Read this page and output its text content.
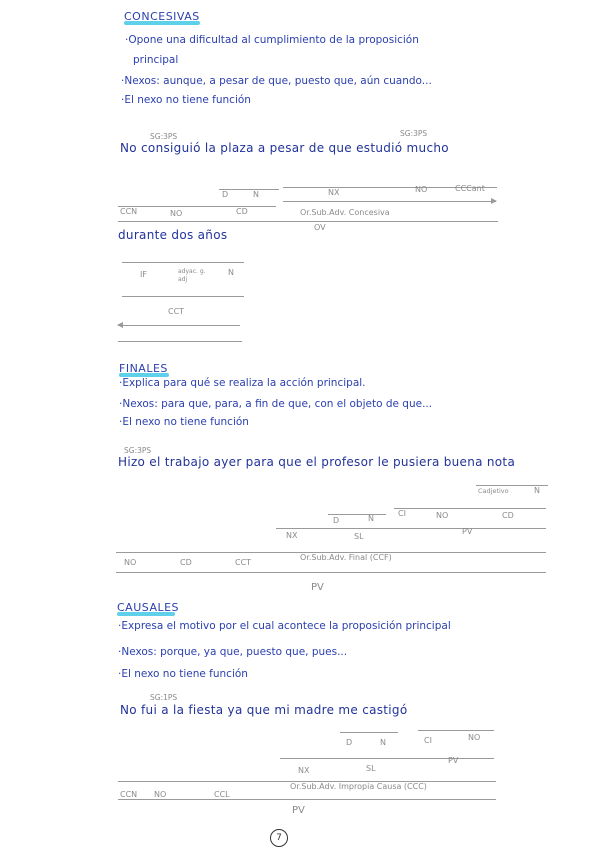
CONCESIVAS
·Opone una dificultad al cumplimiento de la proposición
principal
·Nexos: aunque, a pesar de que, puesto que, aún cuando...
·El nexo no tiene función
SG:3PS	SG:3PS
No consiguió la plaza a pesar de que estudió mucho
D	N	NX	NO	CCCant
CCN	NO	CD	Or.Sub.Adv. Concesiva
OV
durante dos años
IF	adyac. g. adj
N
CCT
FINALES
·Explica para qué se realiza la acción principal.
·Nexos: para que, para, a fin de que, con el objeto de que...
·El nexo no tiene función
SG:3PS
Hizo el trabajo ayer para que el profesor le pusiera buena nota
Cadjetivo	N
D	N
CI	NO	CD
NX	SL
PV
NO	CD	CCT
Or.Sub.Adv. Final (CCF)
PV
CAUSALES
·Expresa el motivo por el cual acontece la proposición principal
·Nexos: porque, ya que, puesto que, pues...
·El nexo no tiene función
SG:1PS
No fui a la fiesta ya que mi madre me castigó
D	N	CI	NO
NX	SL
PV
CCN NO	CCL
Or.Sub.Adv. Impropia Causa (CCC)
PV
7
